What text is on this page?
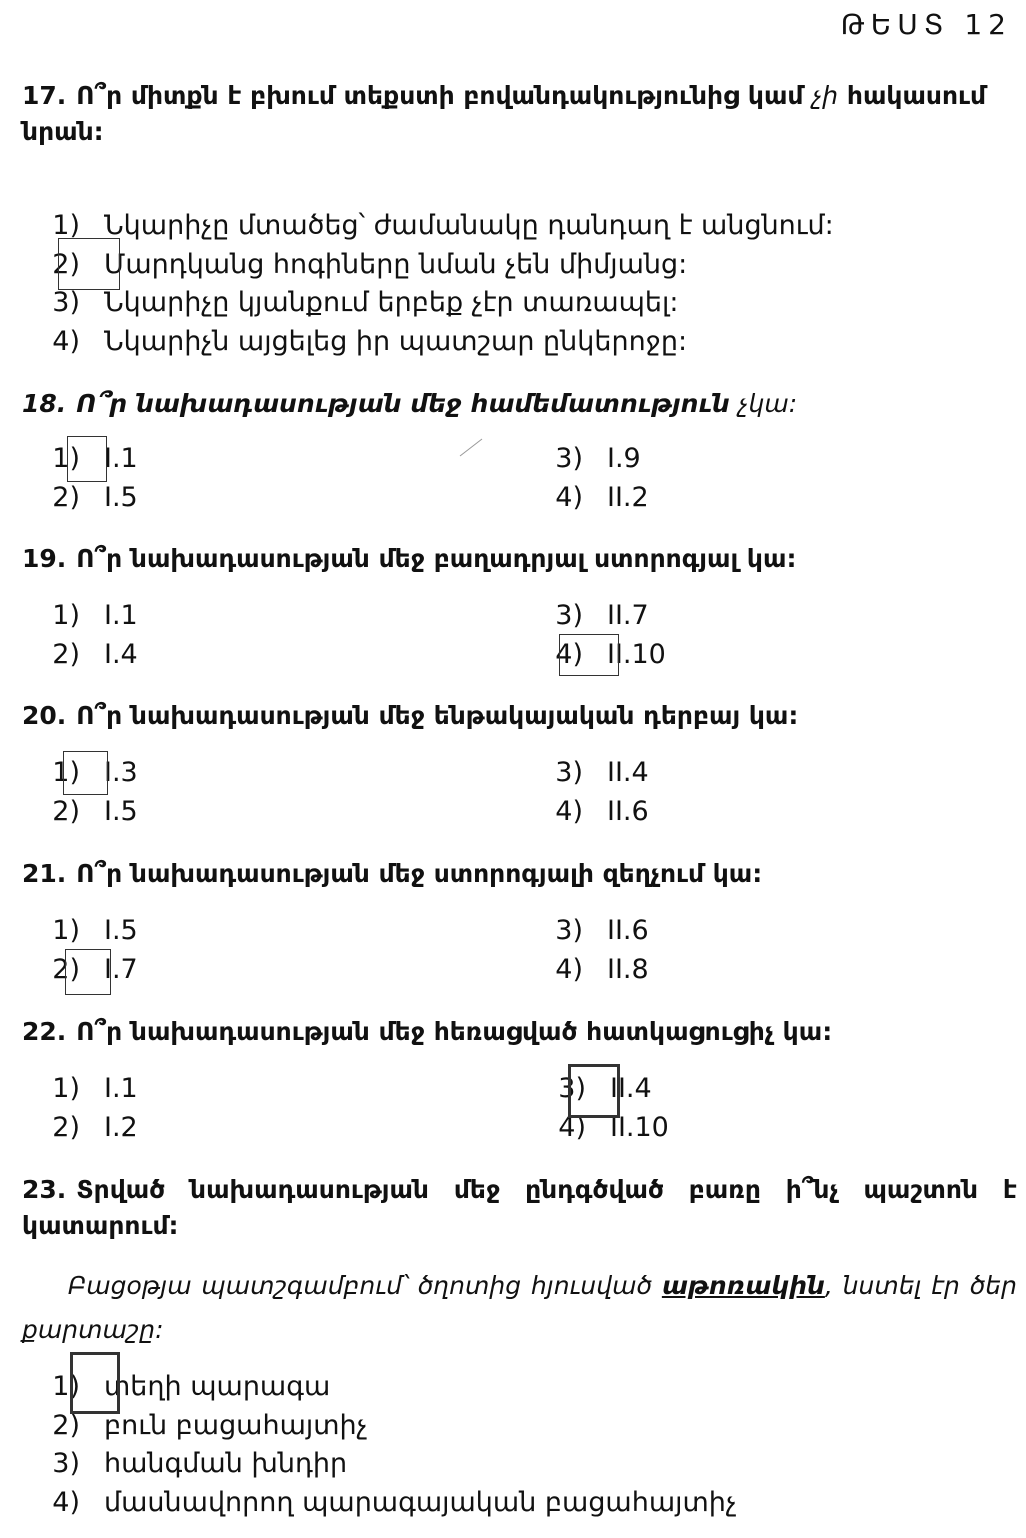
ԹԵՍՏ 12
17. Ո՞ր միտքն է բխում տեքստի բովանդակությունից կամ չի հակասում նրան:
1) Նկարիչը մտածեց՝ ժամանակը դանդաղ է անցնում:
2) Մարդկանց հոգիները նման չեն միմյանց:
3) Նկարիչը կյանքում երբեք չէր տառապել:
4) Նկարիչն այցելեց իր պատշար ընկերոջը:
18. Ո՞ր նախադասության մեջ համեմատություն չկա:
1) I.1
2) I.5
3) I.9
4) II.2
19. Ո՞ր նախադասության մեջ բաղադրյալ ստորոգյալ կա:
1) I.1
2) I.4
3) II.7
4) II.10
20. Ո՞ր նախադասության մեջ ենթակայական դերբայ կա:
1) I.3
2) I.5
3) II.4
4) II.6
21. Ո՞ր նախադասության մեջ ստորոգյալի զեղչում կա:
1) I.5
2) I.7
3) II.6
4) II.8
22. Ո՞ր նախադասության մեջ հեռացված հատկացուցիչ կա:
1) I.1
2) I.2
3) II.4
4) II.10
23. Տրված նախադասության մեջ ընդգծված բառը ի՞նչ պաշտոն է կատարում:
Բացօթյա պատշգամբում՝ ծղոտից հյուսված աթոռակին, նստել էր ծեր քարտաշը:
1) տեղի պարագա
2) բուն բացահայտիչ
3) հանգման խնդիր
4) մասնավորող պարագայական բացահայտիչ
